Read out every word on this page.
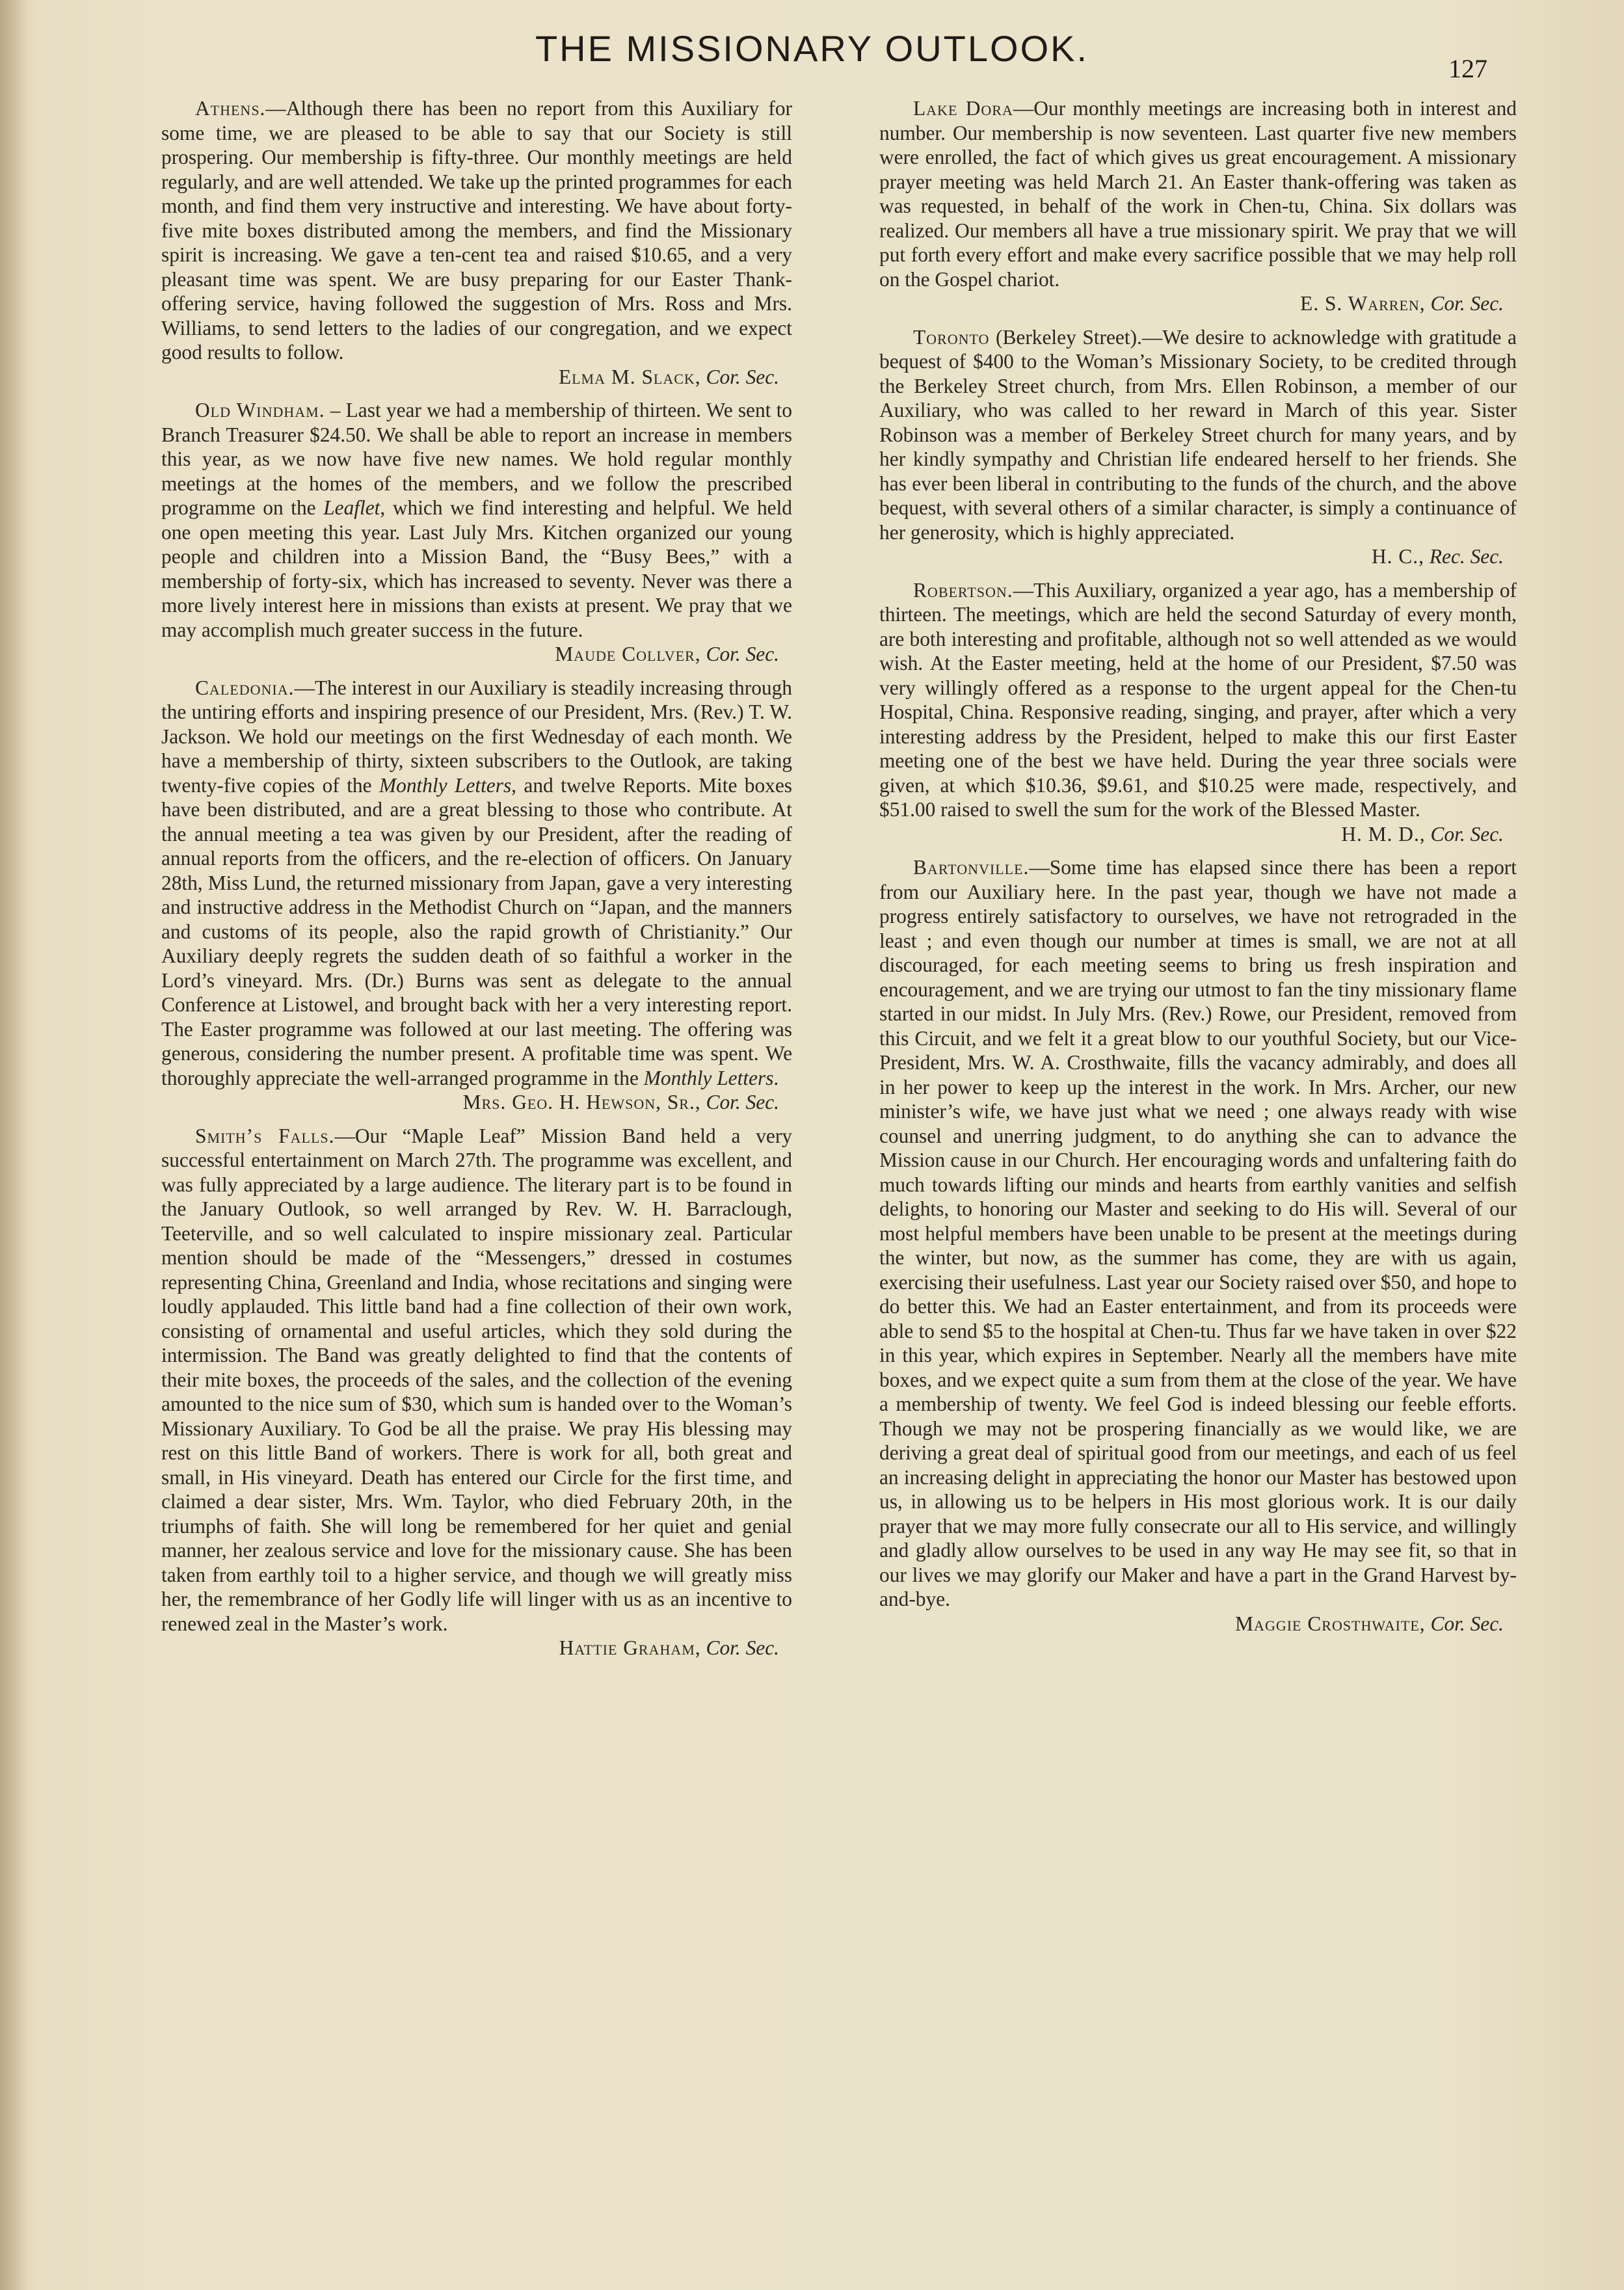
THE MISSIONARY OUTLOOK.	127

Athens.—Although there has been no report from this Auxiliary for some time, we are pleased to be able to say that our Society is still prospering. Our membership is fifty-three. Our monthly meetings are held regularly, and are well attended. We take up the printed programmes for each month, and find them very instructive and interesting. We have about forty-five mite boxes distributed among the members, and find the Missionary spirit is increasing. We gave a ten-cent tea and raised $10.65, and a very pleasant time was spent. We are busy preparing for our Easter Thank-offering service, having followed the suggestion of Mrs. Ross and Mrs. Williams, to send letters to the ladies of our congregation, and we expect good results to follow.

Elma M. Slack, Cor. Sec.

Old Windham. – Last year we had a membership of thirteen. We sent to Branch Treasurer $24.50. We shall be able to report an increase in members this year, as we now have five new names. We hold regular monthly meetings at the homes of the members, and we follow the prescribed programme on the Leaflet, which we find interesting and helpful. We held one open meeting this year. Last July Mrs. Kitchen organized our young people and children into a Mission Band, the “Busy Bees,” with a membership of forty-six, which has increased to seventy. Never was there a more lively interest here in missions than exists at present. We pray that we may accomplish much greater success in the future.

Maude Collver, Cor. Sec.

Caledonia.—The interest in our Auxiliary is steadily increasing through the untiring efforts and inspiring presence of our President, Mrs. (Rev.) T. W. Jackson. We hold our meetings on the first Wednesday of each month. We have a membership of thirty, sixteen subscribers to the Outlook, are taking twenty-five copies of the Monthly Letters, and twelve Reports. Mite boxes have been distributed, and are a great blessing to those who contribute. At the annual meeting a tea was given by our President, after the reading of annual reports from the officers, and the re-election of officers. On January 28th, Miss Lund, the returned missionary from Japan, gave a very interesting and instructive address in the Methodist Church on “Japan, and the manners and customs of its people, also the rapid growth of Christianity.” Our Auxiliary deeply regrets the sudden death of so faithful a worker in the Lord’s vineyard. Mrs. (Dr.) Burns was sent as delegate to the annual Conference at Listowel, and brought back with her a very interesting report. The Easter programme was followed at our last meeting. The offering was generous, considering the number present. A profitable time was spent. We thoroughly appreciate the well-arranged programme in the Monthly Letters.

Mrs. Geo. H. Hewson, Sr., Cor. Sec.

Smith’s Falls.—Our “Maple Leaf” Mission Band held a very successful entertainment on March 27th. The programme was excellent, and was fully appreciated by a large audience. The literary part is to be found in the January Outlook, so well arranged by Rev. W. H. Barraclough, Teeterville, and so well calculated to inspire missionary zeal. Particular mention should be made of the “Messengers,” dressed in costumes representing China, Greenland and India, whose recitations and singing were loudly applauded. This little band had a fine collection of their own work, consisting of ornamental and useful articles, which they sold during the intermission. The Band was greatly delighted to find that the contents of their mite boxes, the proceeds of the sales, and the collection of the evening amounted to the nice sum of $30, which sum is handed over to the Woman’s Missionary Auxiliary. To God be all the praise. We pray His blessing may rest on this little Band of workers. There is work for all, both great and small, in His vineyard. Death has entered our Circle for the first time, and claimed a dear sister, Mrs. Wm. Taylor, who died February 20th, in the triumphs of faith. She will long be remembered for her quiet and genial manner, her zealous service and love for the missionary cause. She has been taken from earthly toil to a higher service, and though we will greatly miss her, the remembrance of her Godly life will linger with us as an incentive to renewed zeal in the Master’s work.

Hattie Graham, Cor. Sec.

Lake Dora—Our monthly meetings are increasing both in interest and number. Our membership is now seventeen. Last quarter five new members were enrolled, the fact of which gives us great encouragement. A missionary prayer meeting was held March 21. An Easter thank-offering was taken as was requested, in behalf of the work in Chen-tu, China. Six dollars was realized. Our members all have a true missionary spirit. We pray that we will put forth every effort and make every sacrifice possible that we may help roll on the Gospel chariot.

E. S. Warren, Cor. Sec.

Toronto (Berkeley Street).—We desire to acknowledge with gratitude a bequest of $400 to the Woman’s Missionary Society, to be credited through the Berkeley Street church, from Mrs. Ellen Robinson, a member of our Auxiliary, who was called to her reward in March of this year. Sister Robinson was a member of Berkeley Street church for many years, and by her kindly sympathy and Christian life endeared herself to her friends. She has ever been liberal in contributing to the funds of the church, and the above bequest, with several others of a similar character, is simply a continuance of her generosity, which is highly appreciated.

H. C., Rec. Sec.

Robertson.—This Auxiliary, organized a year ago, has a membership of thirteen. The meetings, which are held the second Saturday of every month, are both interesting and profitable, although not so well attended as we would wish. At the Easter meeting, held at the home of our President, $7.50 was very willingly offered as a response to the urgent appeal for the Chen-tu Hospital, China. Responsive reading, singing, and prayer, after which a very interesting address by the President, helped to make this our first Easter meeting one of the best we have held. During the year three socials were given, at which $10.36, $9.61, and $10.25 were made, respectively, and $51.00 raised to swell the sum for the work of the Blessed Master.

H. M. D., Cor. Sec.

Bartonville.—Some time has elapsed since there has been a report from our Auxiliary here. In the past year, though we have not made a progress entirely satisfactory to ourselves, we have not retrograded in the least ; and even though our number at times is small, we are not at all discouraged, for each meeting seems to bring us fresh inspiration and encouragement, and we are trying our utmost to fan the tiny missionary flame started in our midst. In July Mrs. (Rev.) Rowe, our President, removed from this Circuit, and we felt it a great blow to our youthful Society, but our Vice-President, Mrs. W. A. Crosthwaite, fills the vacancy admirably, and does all in her power to keep up the interest in the work. In Mrs. Archer, our new minister’s wife, we have just what we need ; one always ready with wise counsel and unerring judgment, to do anything she can to advance the Mission cause in our Church. Her encouraging words and unfaltering faith do much towards lifting our minds and hearts from earthly vanities and selfish delights, to honoring our Master and seeking to do His will. Several of our most helpful members have been unable to be present at the meetings during the winter, but now, as the summer has come, they are with us again, exercising their usefulness. Last year our Society raised over $50, and hope to do better this. We had an Easter entertainment, and from its proceeds were able to send $5 to the hospital at Chen-tu. Thus far we have taken in over $22 in this year, which expires in September. Nearly all the members have mite boxes, and we expect quite a sum from them at the close of the year. We have a membership of twenty. We feel God is indeed blessing our feeble efforts. Though we may not be prospering financially as we would like, we are deriving a great deal of spiritual good from our meetings, and each of us feel an increasing delight in appreciating the honor our Master has bestowed upon us, in allowing us to be helpers in His most glorious work. It is our daily prayer that we may more fully consecrate our all to His service, and willingly and gladly allow ourselves to be used in any way He may see fit, so that in our lives we may glorify our Maker and have a part in the Grand Harvest by-and-bye.

Maggie Crosthwaite, Cor. Sec.
